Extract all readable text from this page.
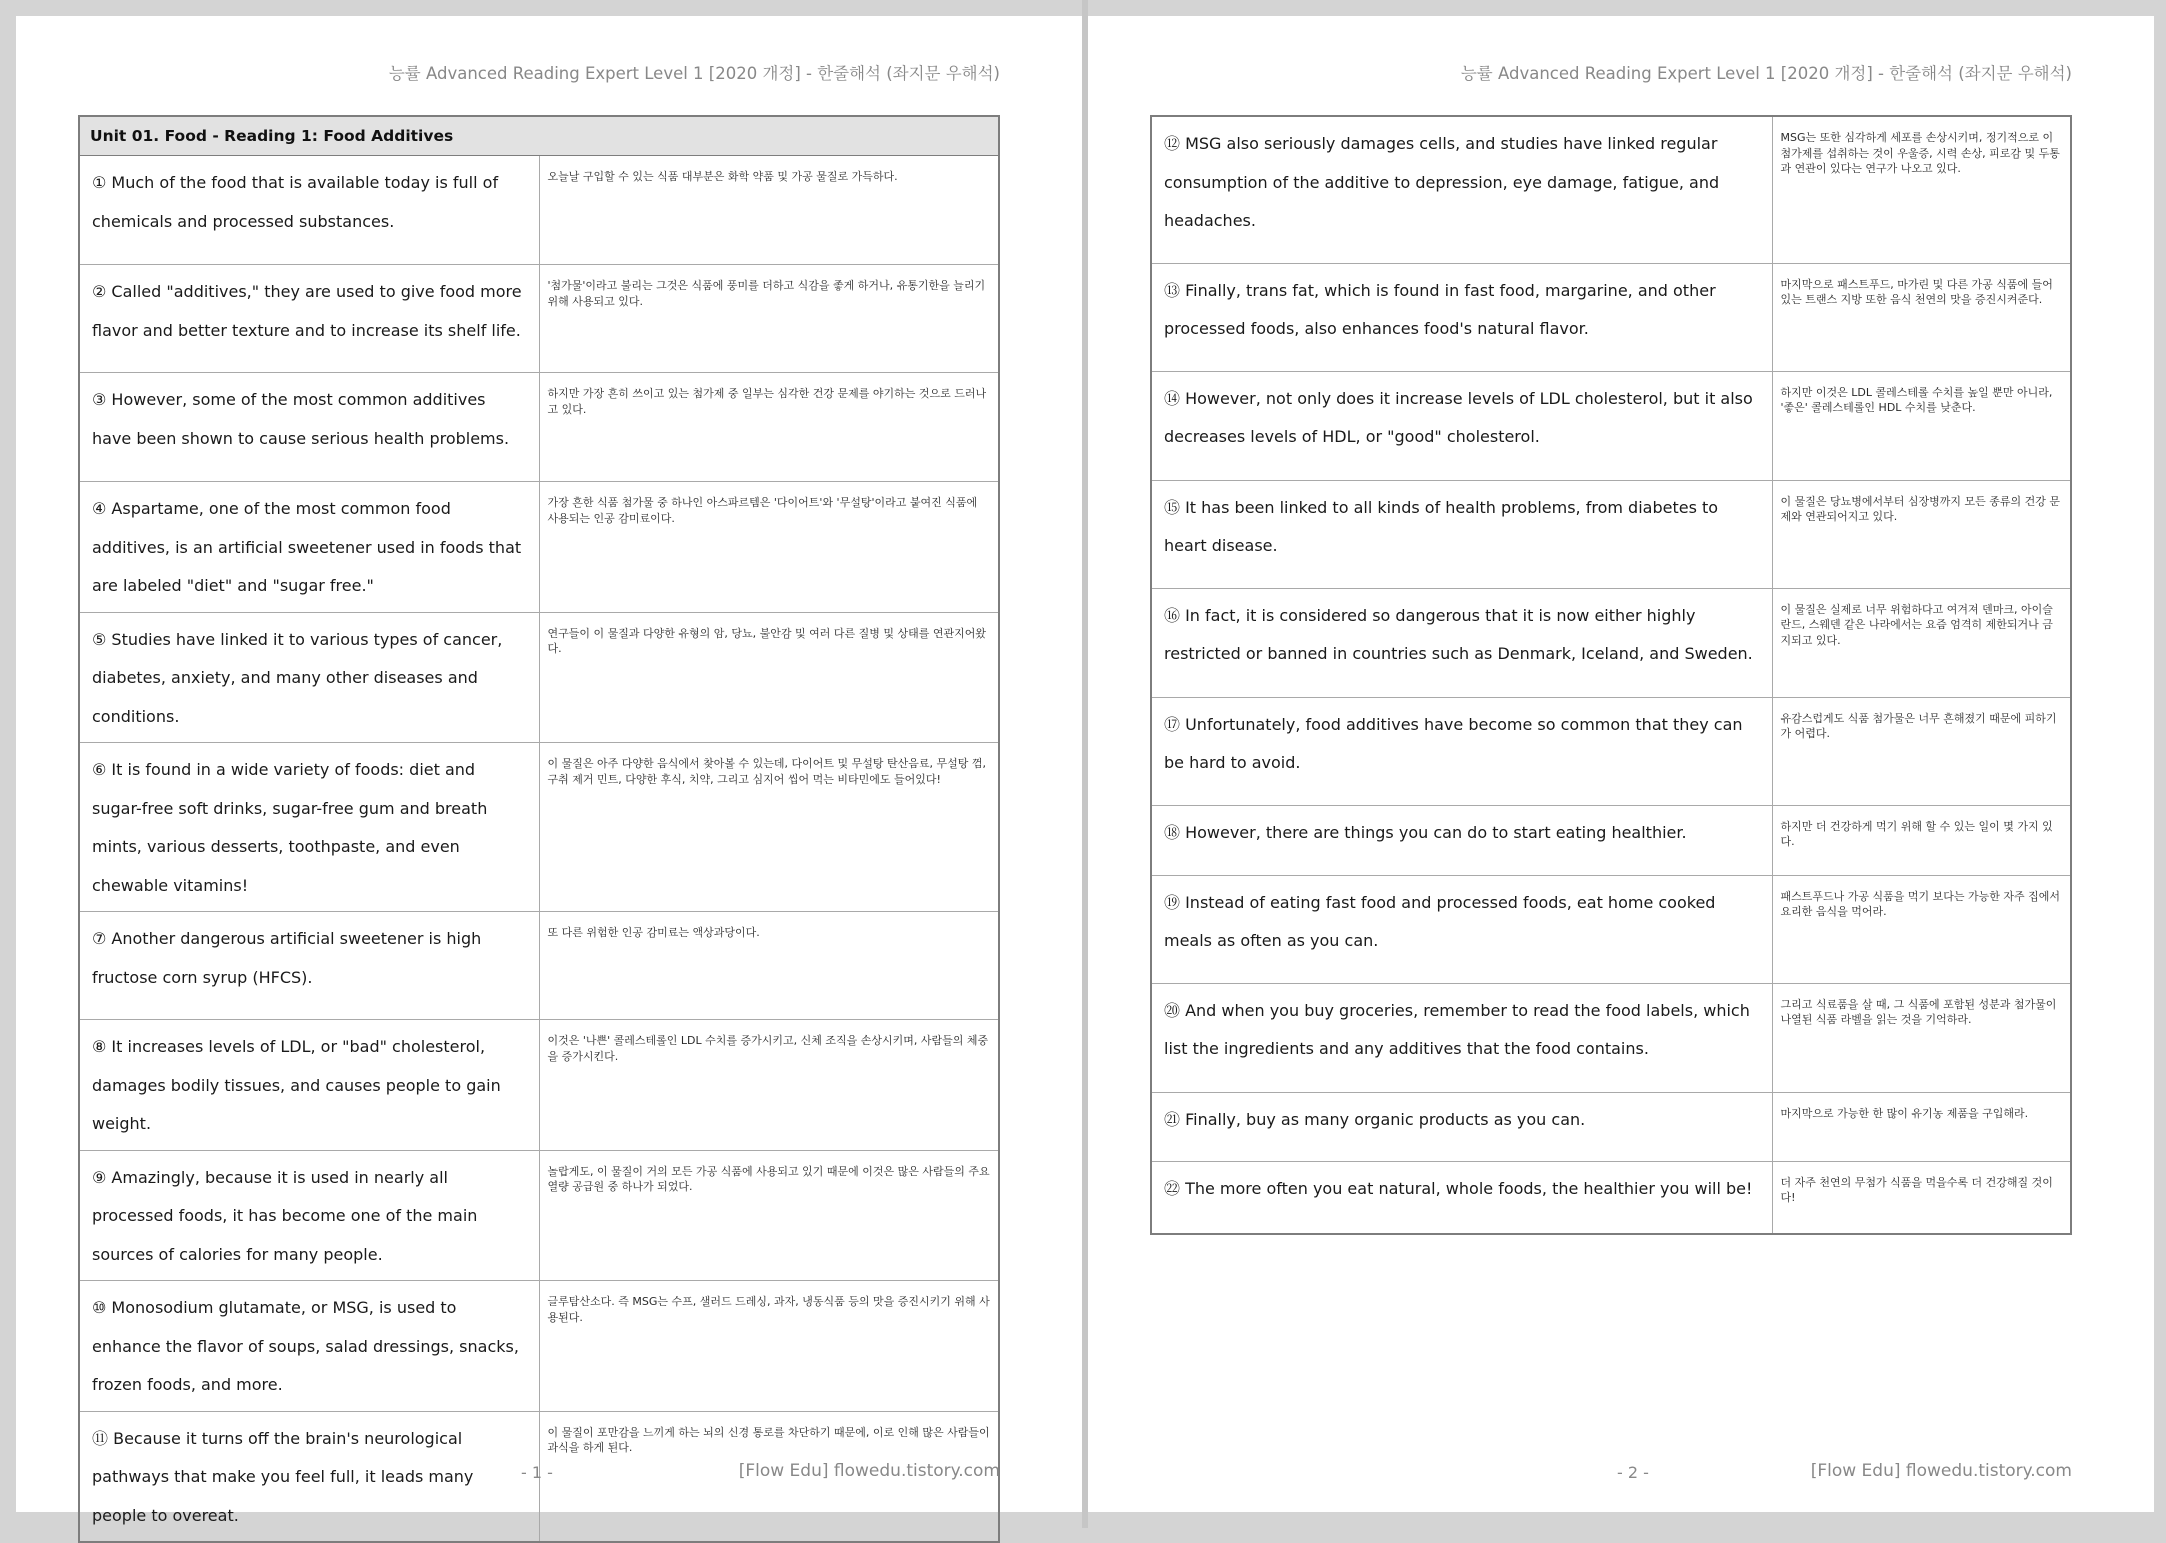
능률 Advanced Reading Expert Level 1 [2020 개정] - 한줄해석 (좌지문 우해석)
Unit 01. Food - Reading 1: Food Additives	
① Much of the food that is available today is full of chemicals and processed substances.	오늘날 구입할 수 있는 식품 대부분은 화학 약품 및 가공 물질로 가득하다.
② Called "additives," they are used to give food more flavor and better texture and to increase its shelf life.	'첨가물'이라고 불리는 그것은 식품에 풍미를 더하고 식감을 좋게 하거나, 유통기한을 늘리기 위해 사용되고 있다.
③ However, some of the most common additives have been shown to cause serious health problems.	하지만 가장 흔히 쓰이고 있는 첨가제 중 일부는 심각한 건강 문제를 야기하는 것으로 드러나고 있다.
④ Aspartame, one of the most common food additives, is an artificial sweetener used in foods that are labeled "diet" and "sugar free."	가장 흔한 식품 첨가물 중 하나인 아스파르템은 '다이어트'와 '무설탕'이라고 붙여진 식품에 사용되는 인공 감미료이다.
⑤ Studies have linked it to various types of cancer, diabetes, anxiety, and many other diseases and conditions.	연구들이 이 물질과 다양한 유형의 암, 당뇨, 불안감 및 여러 다른 질병 및 상태를 연관지어왔다.
⑥ It is found in a wide variety of foods: diet and sugar-free soft drinks, sugar-free gum and breath mints, various desserts, toothpaste, and even chewable vitamins!	이 물질은 아주 다양한 음식에서 찾아볼 수 있는데, 다이어트 및 무설탕 탄산음료, 무설탕 껌, 구취 제거 민트, 다양한 후식, 치약, 그리고 심지어 씹어 먹는 비타민에도 들어있다!
⑦ Another dangerous artificial sweetener is high fructose corn syrup (HFCS).	또 다른 위험한 인공 감미료는 액상과당이다.
⑧ It increases levels of LDL, or "bad" cholesterol, damages bodily tissues, and causes people to gain weight.	이것은 '나쁜' 콜레스테롤인 LDL 수치를 증가시키고, 신체 조직을 손상시키며, 사람들의 체중을 증가시킨다.
⑨ Amazingly, because it is used in nearly all processed foods, it has become one of the main sources of calories for many people.	놀랍게도, 이 물질이 거의 모든 가공 식품에 사용되고 있기 때문에 이것은 많은 사람들의 주요 열량 공급원 중 하나가 되었다.
⑩ Monosodium glutamate, or MSG, is used to enhance the flavor of soups, salad dressings, snacks, frozen foods, and more.	글루탐산소다. 즉 MSG는 수프, 샐러드 드레싱, 과자, 냉동식품 등의 맛을 증진시키기 위해 사용된다.
⑪ Because it turns off the brain's neurological pathways that make you feel full, it leads many people to overeat.	이 물질이 포만감을 느끼게 하는 뇌의 신경 통로를 차단하기 때문에, 이로 인해 많은 사람들이 과식을 하게 된다.
- 1 -	[Flow Edu] flowedu.tistory.com
능률 Advanced Reading Expert Level 1 [2020 개정] - 한줄해석 (좌지문 우해석)
⑫ MSG also seriously damages cells, and studies have linked regular consumption of the additive to depression, eye damage, fatigue, and headaches.	MSG는 또한 심각하게 세포를 손상시키며, 정기적으로 이 첨가제를 섭취하는 것이 우울증, 시력 손상, 피로감 및 두통과 연관이 있다는 연구가 나오고 있다.
⑬ Finally, trans fat, which is found in fast food, margarine, and other processed foods, also enhances food's natural flavor.	마지막으로 패스트푸드, 마가린 및 다른 가공 식품에 들어있는 트랜스 지방 또한 음식 천연의 맛을 증진시켜준다.
⑭ However, not only does it increase levels of LDL cholesterol, but it also decreases levels of HDL, or "good" cholesterol.	하지만 이것은 LDL 콜레스테롤 수치를 높일 뿐만 아니라, '좋은' 콜레스테롤인 HDL 수치를 낮춘다.
⑮ It has been linked to all kinds of health problems, from diabetes to heart disease.	이 물질은 당뇨병에서부터 심장병까지 모든 종류의 건강 문제와 연관되어지고 있다.
⑯ In fact, it is considered so dangerous that it is now either highly restricted or banned in countries such as Denmark, Iceland, and Sweden.	이 물질은 실제로 너무 위험하다고 여겨져 덴마크, 아이슬란드, 스웨덴 같은 나라에서는 요즘 엄격히 제한되거나 금지되고 있다.
⑰ Unfortunately, food additives have become so common that they can be hard to avoid.	유감스럽게도 식품 첨가물은 너무 흔해졌기 때문에 피하기가 어렵다.
⑱ However, there are things you can do to start eating healthier.	하지만 더 건강하게 먹기 위해 할 수 있는 일이 몇 가지 있다.
⑲ Instead of eating fast food and processed foods, eat home cooked meals as often as you can.	패스트푸드나 가공 식품을 먹기 보다는 가능한 자주 집에서 요리한 음식을 먹어라.
⑳ And when you buy groceries, remember to read the food labels, which list the ingredients and any additives that the food contains.	그리고 식료품을 살 때, 그 식품에 포함된 성분과 첨가물이 나열된 식품 라벨을 읽는 것을 기억하라.
㉑ Finally, buy as many organic products as you can.	마지막으로 가능한 한 많이 유기농 제품을 구입해라.
㉒ The more often you eat natural, whole foods, the healthier you will be!	더 자주 천연의 무첨가 식품을 먹을수록 더 건강해질 것이다!
- 2 -	[Flow Edu] flowedu.tistory.com
